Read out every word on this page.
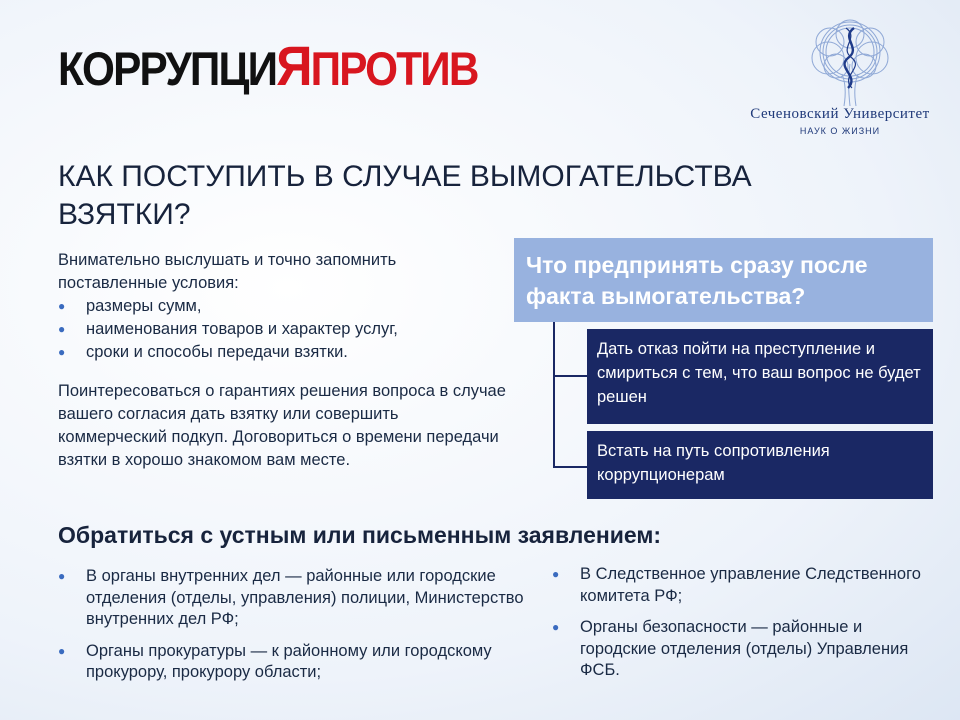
КОРРУПЦИЯПРОТИВ
Сеченовский Университет
НАУК О ЖИЗНИ
КАК ПОСТУПИТЬ В СЛУЧАЕ ВЫМОГАТЕЛЬСТВА ВЗЯТКИ?
Внимательно выслушать и точно запомнить поставленные условия:
● размеры сумм,
● наименования товаров и характер услуг,
● сроки и способы передачи взятки.
Поинтересоваться о гарантиях решения вопроса в случае вашего согласия дать взятку или совершить коммерческий подкуп. Договориться о времени передачи взятки в хорошо знакомом вам месте.
Что предпринять сразу после факта вымогательства?
Дать отказ пойти на преступление и смириться с тем, что ваш вопрос не будет решен
Встать на путь сопротивления коррупционерам
Обратиться с устным или письменным заявлением:
● В органы внутренних дел — районные или городские отделения (отделы, управления) полиции, Министерство внутренних дел РФ;
● Органы прокуратуры — к районному или городскому прокурору, прокурору области;
● В Следственное управление Следственного комитета РФ;
● Органы безопасности — районные и городские отделения (отделы) Управления ФСБ.
